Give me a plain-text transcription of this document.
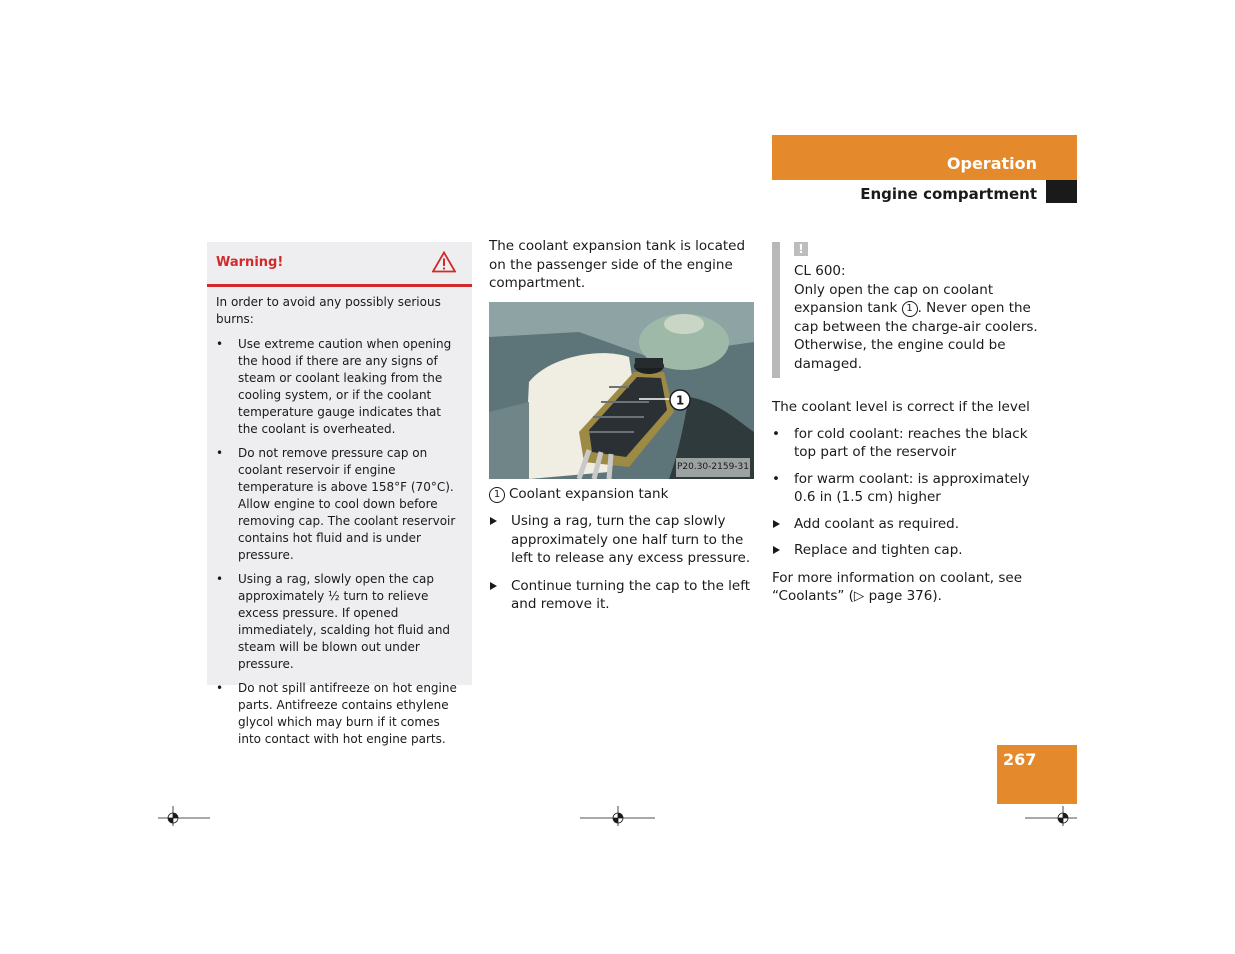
Operation
Engine compartment
Warning!

In order to avoid any possibly serious burns:

• Use extreme caution when opening the hood if there are any signs of steam or coolant leaking from the cooling system, or if the coolant temperature gauge indicates that the coolant is overheated.
• Do not remove pressure cap on coolant reservoir if engine temperature is above 158°F (70°C). Allow engine to cool down before removing cap. The coolant reservoir contains hot fluid and is under pressure.
• Using a rag, slowly open the cap approximately ½ turn to relieve excess pressure. If opened immediately, scalding hot fluid and steam will be blown out under pressure.
• Do not spill antifreeze on hot engine parts. Antifreeze contains ethylene glycol which may burn if it comes into contact with hot engine parts.

The coolant expansion tank is located on the passenger side of the engine compartment.

1
P20.30-2159-31

1 Coolant expansion tank

Using a rag, turn the cap slowly approximately one half turn to the left to release any excess pressure.
Continue turning the cap to the left and remove it.
!

CL 600:

Only open the cap on coolant expansion tank 1 . Never open the cap between the charge-air coolers. Otherwise, the engine could be damaged.

The coolant level is correct if the level

• for cold coolant: reaches the black top part of the reservoir
• for warm coolant: is approximately 0.6 in (1.5 cm) higher
Add coolant as required.
Replace and tighten cap.

For more information on coolant, see “Coolants” (▷ page 376).

267
